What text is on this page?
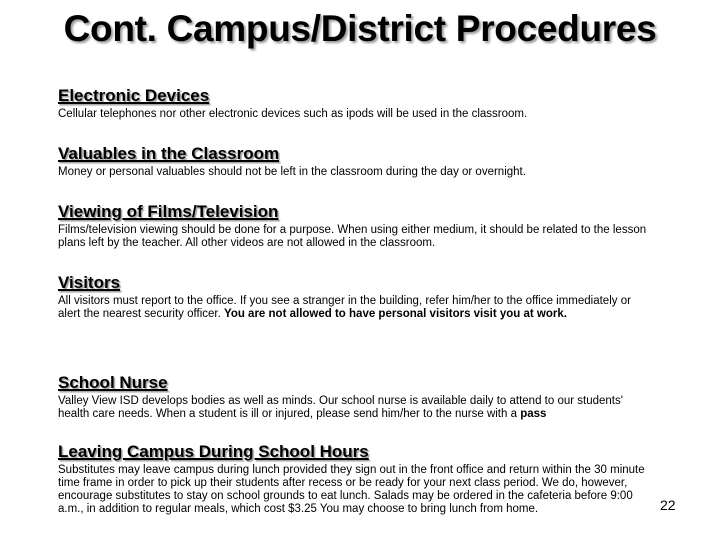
Cont. Campus/District Procedures
Electronic Devices
Cellular telephones nor other electronic devices such as ipods will be used in the classroom.
Valuables in the Classroom
Money or personal valuables should not be left in the classroom during the day or overnight.
Viewing of Films/Television
Films/television viewing should be done for a purpose. When using either medium, it should be related to the lesson plans left by the teacher. All other videos are not allowed in the classroom.
Visitors
All visitors must report to the office. If you see a stranger in the building, refer him/her to the office immediately or alert the nearest security officer. You are not allowed to have personal visitors visit you at work.
School Nurse
Valley View ISD develops bodies as well as minds. Our school nurse is available daily to attend to our students' health care needs. When a student is ill or injured, please send him/her to the nurse with a pass
Leaving Campus During School Hours
Substitutes may leave campus during lunch provided they sign out in the front office and return within the 30 minute time frame in order to pick up their students after recess or be ready for your next class period. We do, however, encourage substitutes to stay on school grounds to eat lunch. Salads may be ordered in the cafeteria before 9:00 a.m., in addition to regular meals, which cost $3.25 You may choose to bring lunch from home.	22
